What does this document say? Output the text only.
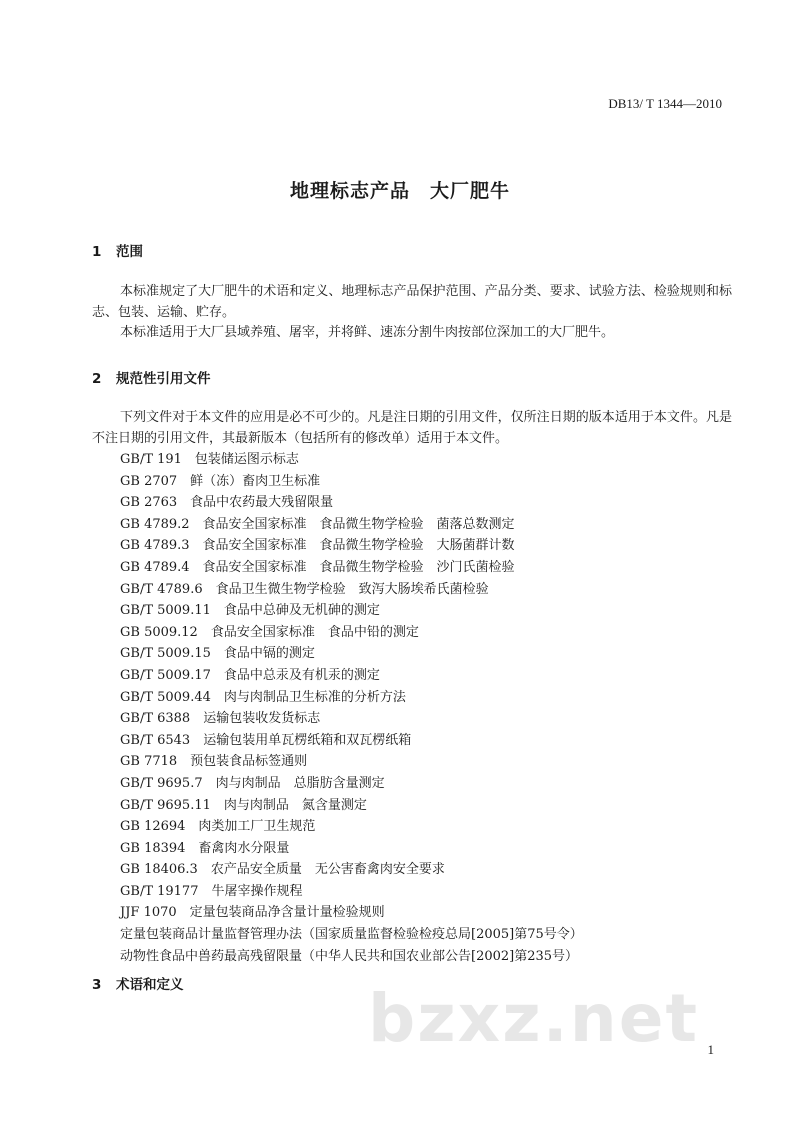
DB13/ T 1344—2010
地理标志产品　大厂肥牛
1 范围
本标准规定了大厂肥牛的术语和定义、地理标志产品保护范围、产品分类、要求、试验方法、检验规则和标志、包装、运输、贮存。
本标准适用于大厂县域养殖、屠宰，并将鲜、速冻分割牛肉按部位深加工的大厂肥牛。
2 规范性引用文件
下列文件对于本文件的应用是必不可少的。凡是注日期的引用文件，仅所注日期的版本适用于本文件。凡是不注日期的引用文件，其最新版本（包括所有的修改单）适用于本文件。
GB/T 191　包装储运图示标志
GB 2707　鲜（冻）畜肉卫生标准
GB 2763　食品中农药最大残留限量
GB 4789.2　食品安全国家标准　食品微生物学检验　菌落总数测定
GB 4789.3　食品安全国家标准　食品微生物学检验　大肠菌群计数
GB 4789.4　食品安全国家标准　食品微生物学检验　沙门氏菌检验
GB/T 4789.6　食品卫生微生物学检验　致泻大肠埃希氏菌检验
GB/T 5009.11　食品中总砷及无机砷的测定
GB 5009.12　食品安全国家标准　食品中铅的测定
GB/T 5009.15　食品中镉的测定
GB/T 5009.17　食品中总汞及有机汞的测定
GB/T 5009.44　肉与肉制品卫生标准的分析方法
GB/T 6388　运输包装收发货标志
GB/T 6543　运输包装用单瓦楞纸箱和双瓦楞纸箱
GB 7718　预包装食品标签通则
GB/T 9695.7　肉与肉制品　总脂肪含量测定
GB/T 9695.11　肉与肉制品　氮含量测定
GB 12694　肉类加工厂卫生规范
GB 18394　畜禽肉水分限量
GB 18406.3　农产品安全质量　无公害畜禽肉安全要求
GB/T 19177　牛屠宰操作规程
JJF 1070　定量包装商品净含量计量检验规则
定量包装商品计量监督管理办法（国家质量监督检验检疫总局[2005]第75号令）
动物性食品中兽药最高残留限量（中华人民共和国农业部公告[2002]第235号）
3 术语和定义	bzxz.net 1
